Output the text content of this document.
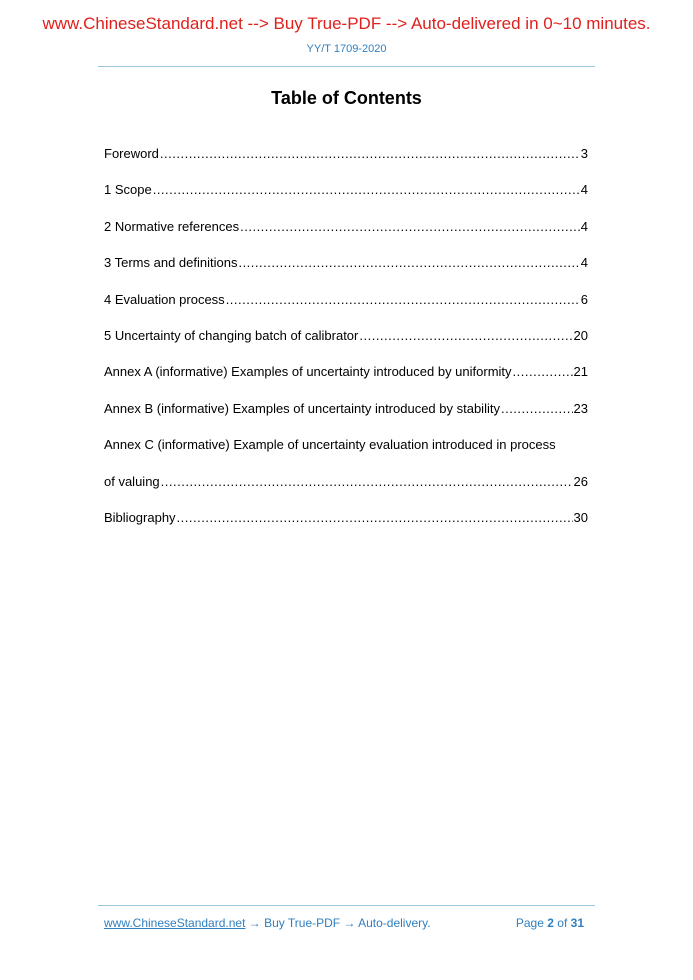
www.ChineseStandard.net --> Buy True-PDF --> Auto-delivered in 0~10 minutes.
YY/T 1709-2020
Table of Contents
Foreword .....	3
1 Scope .....	4
2 Normative references .....	4
3 Terms and definitions .....	4
4 Evaluation process .....	6
5 Uncertainty of changing batch of calibrator .....	20
Annex A (informative) Examples of uncertainty introduced by uniformity .....	21
Annex B (informative) Examples of uncertainty introduced by stability .....	23
Annex C (informative) Example of uncertainty evaluation introduced in process
of valuing .....	26
Bibliography .....	30
www.ChineseStandard.net → Buy True-PDF → Auto-delivery.	Page 2 of 31
